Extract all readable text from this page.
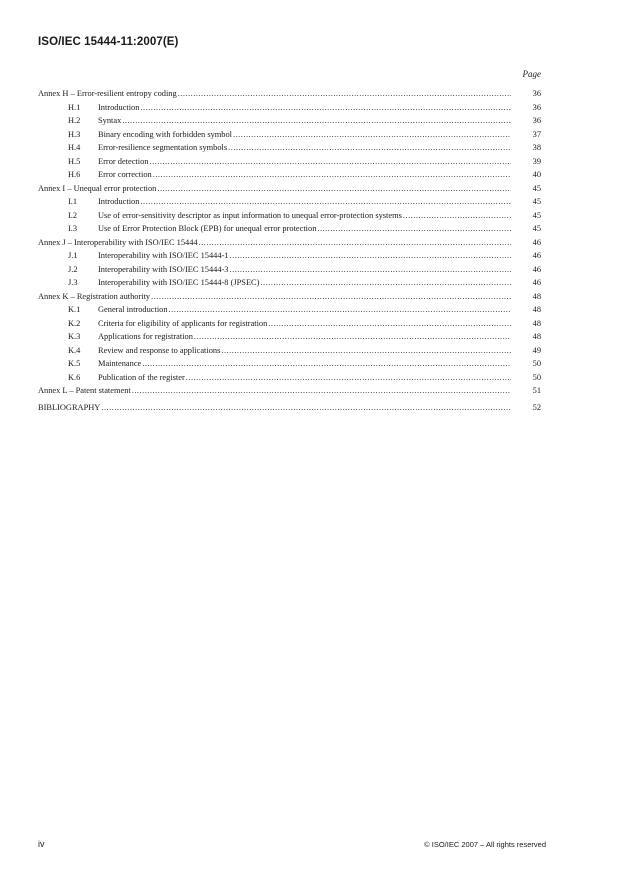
ISO/IEC 15444-11:2007(E)
Page
Annex H – Error-resilient entropy coding .....	36
H.1	Introduction .....	36
H.2	Syntax .....	36
H.3	Binary encoding with forbidden symbol .....	37
H.4	Error-resilience segmentation symbols .....	38
H.5	Error detection .....	39
H.6	Error correction .....	40
Annex I – Unequal error protection .....	45
I.1	Introduction .....	45
I.2	Use of error-sensitivity descriptor as input information to unequal error-protection systems .....	45
I.3	Use of Error Protection Block (EPB) for unequal error protection .....	45
Annex J – Interoperability with ISO/IEC 15444 .....	46
J.1	Interoperability with ISO/IEC 15444-1 .....	46
J.2	Interoperability with ISO/IEC 15444-3 .....	46
J.3	Interoperability with ISO/IEC 15444-8 (JPSEC) .....	46
Annex K – Registration authority .....	48
K.1	General introduction .....	48
K.2	Criteria for eligibility of applicants for registration .....	48
K.3	Applications for registration .....	48
K.4	Review and response to applications .....	49
K.5	Maintenance .....	50
K.6	Publication of the register .....	50
Annex L – Patent statement .....	51
BIBLIOGRAPHY .....	52
iv	© ISO/IEC 2007 – All rights reserved
